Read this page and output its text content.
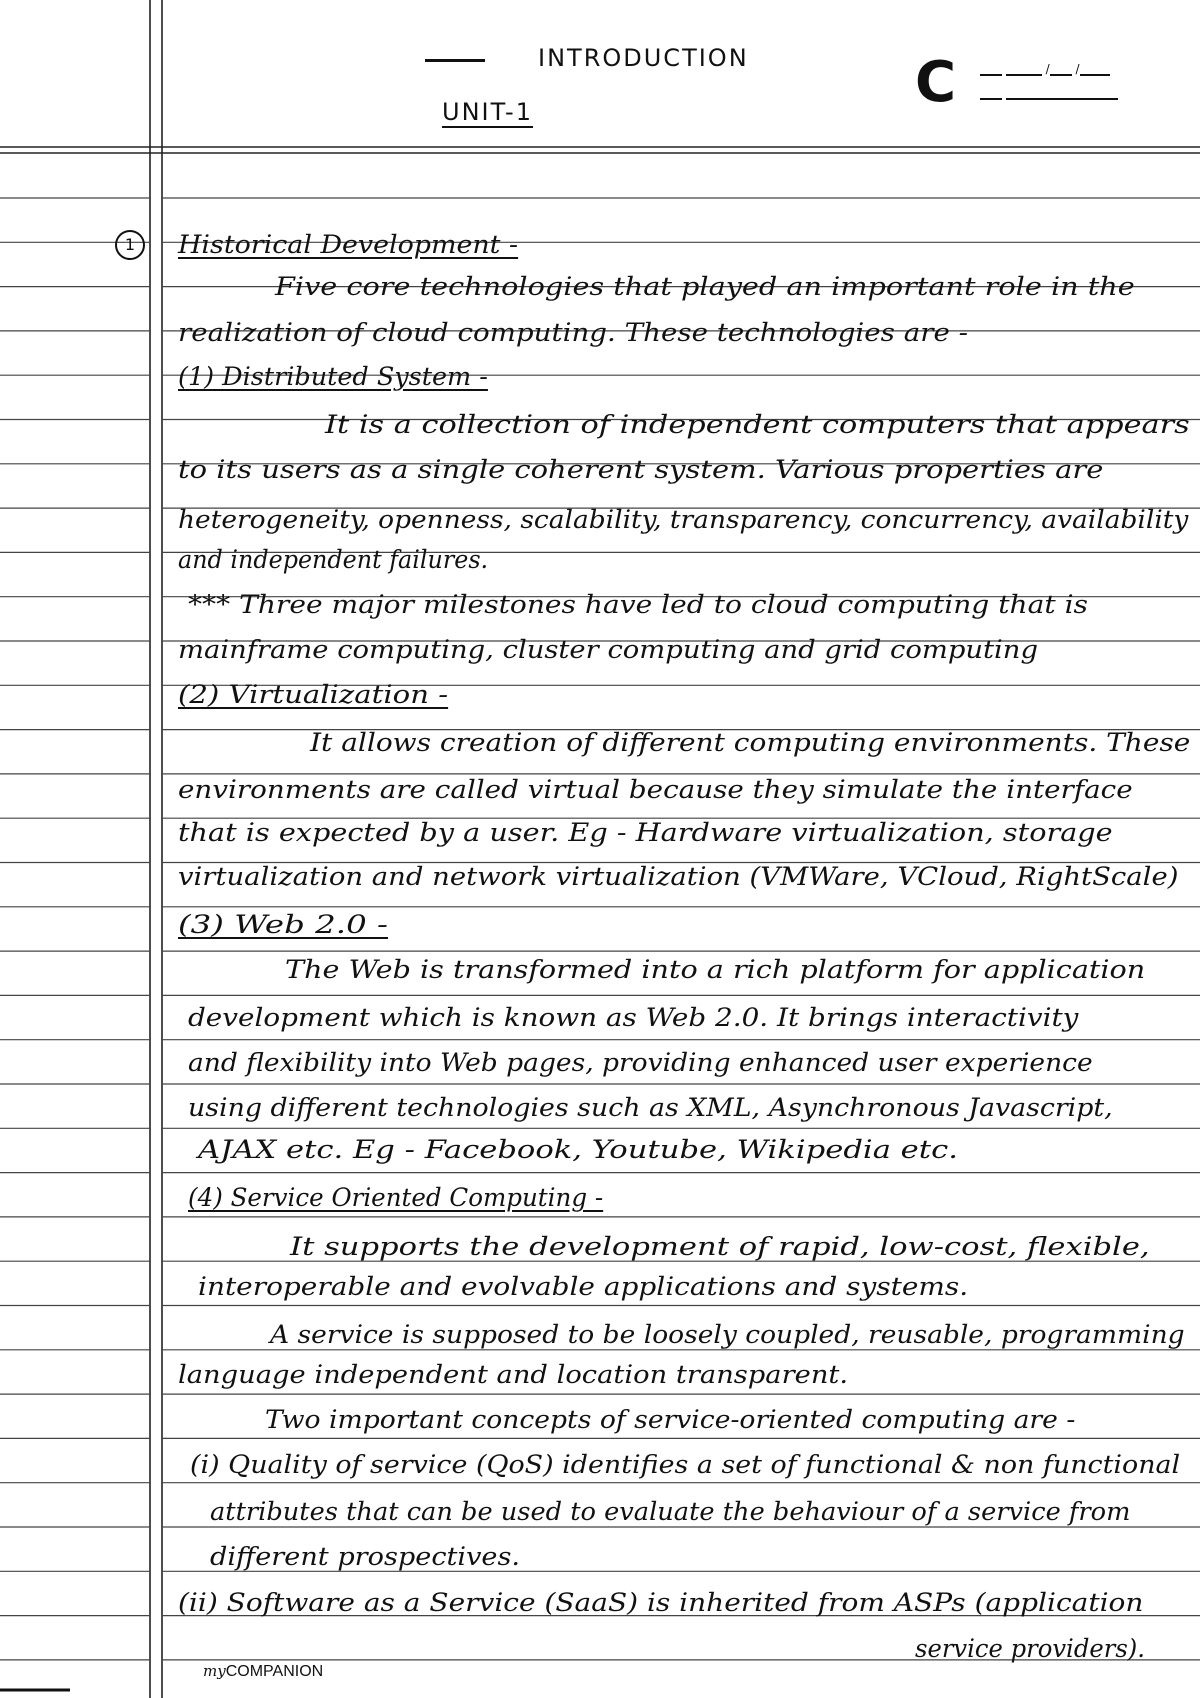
INTRODUCTION
UNIT-1	C	/ /

1	Historical Development -
Five core technologies that played an important role in the
realization of cloud computing. These technologies are -
(1) Distributed System -
It is a collection of independent computers that appears
to its users as a single coherent system. Various properties are
heterogeneity, openness, scalability, transparency, concurrency, availability
and independent failures.
*** Three major milestones have led to cloud computing that is
mainframe computing, cluster computing and grid computing
(2) Virtualization -
It allows creation of different computing environments. These
environments are called virtual because they simulate the interface
that is expected by a user. Eg - Hardware virtualization, storage
virtualization and network virtualization (VMWare, VCloud, RightScale)
(3) Web 2.0 -
The Web is transformed into a rich platform for application
development which is known as Web 2.0. It brings interactivity
and flexibility into Web pages, providing enhanced user experience
using different technologies such as XML, Asynchronous Javascript,
AJAX etc. Eg - Facebook, Youtube, Wikipedia etc.
(4) Service Oriented Computing -
It supports the development of rapid, low-cost, flexible,
interoperable and evolvable applications and systems.
A service is supposed to be loosely coupled, reusable, programming
language independent and location transparent.
Two important concepts of service-oriented computing are -
(i) Quality of service (QoS) identifies a set of functional & non functional
attributes that can be used to evaluate the behaviour of a service from
different prospectives.
(ii) Software as a Service (SaaS) is inherited from ASPs (application
service providers).
myCOMPANION
